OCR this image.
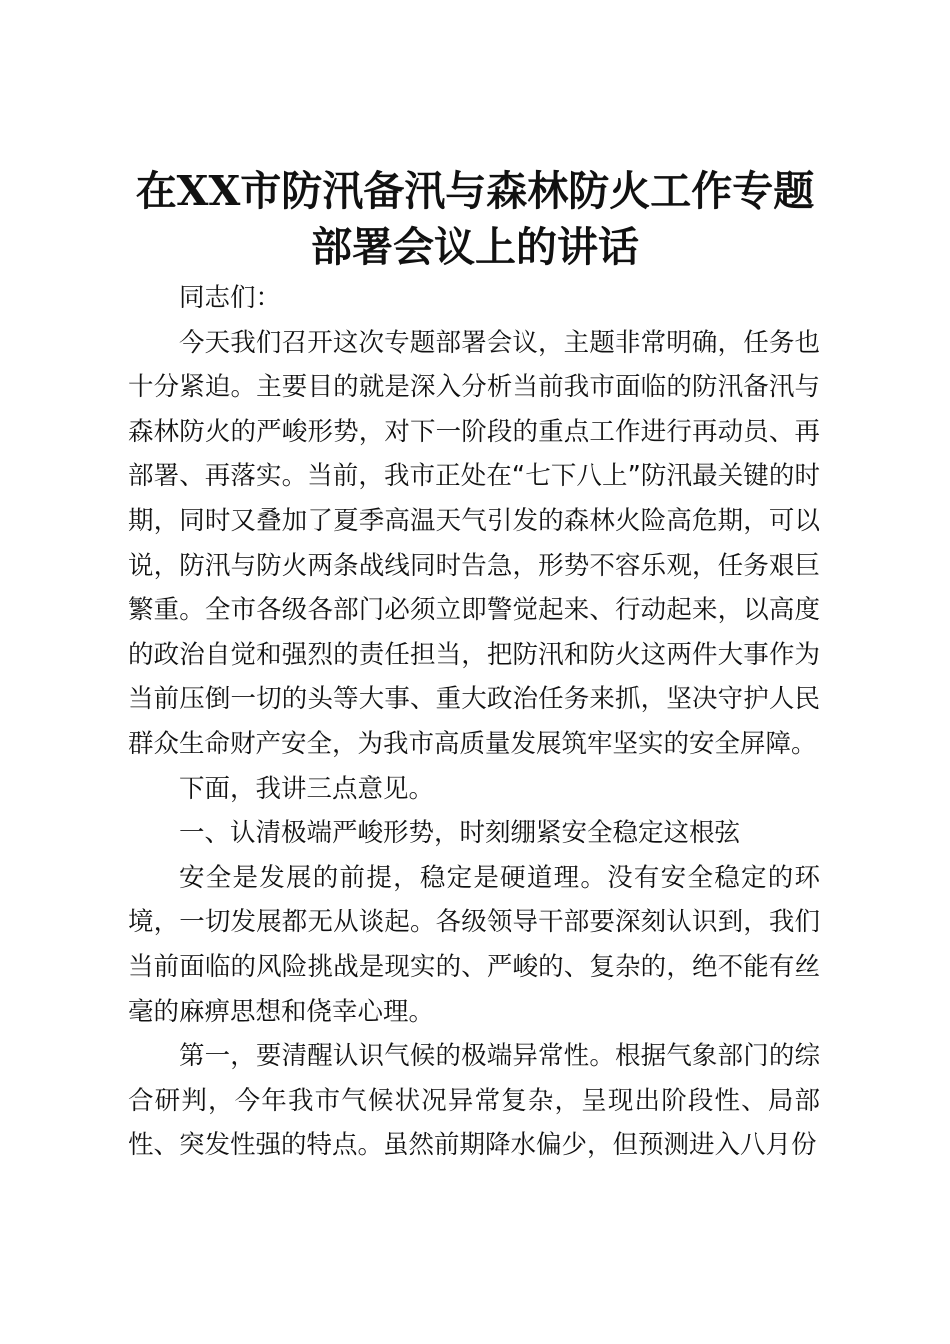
在XX市防汛备汛与森林防火工作专题
部署会议上的讲话

同志们：

今天我们召开这次专题部署会议，主题非常明确，任务也十分紧迫。主要目的就是深入分析当前我市面临的防汛备汛与森林防火的严峻形势，对下一阶段的重点工作进行再动员、再部署、再落实。当前，我市正处在“七下八上”防汛最关键的时期，同时又叠加了夏季高温天气引发的森林火险高危期，可以说，防汛与防火两条战线同时告急，形势不容乐观，任务艰巨繁重。全市各级各部门必须立即警觉起来、行动起来，以高度的政治自觉和强烈的责任担当，把防汛和防火这两件大事作为当前压倒一切的头等大事、重大政治任务来抓，坚决守护人民群众生命财产安全，为我市高质量发展筑牢坚实的安全屏障。

下面，我讲三点意见。

一、认清极端严峻形势，时刻绷紧安全稳定这根弦

安全是发展的前提，稳定是硬道理。没有安全稳定的环境，一切发展都无从谈起。各级领导干部要深刻认识到，我们当前面临的风险挑战是现实的、严峻的、复杂的，绝不能有丝毫的麻痹思想和侥幸心理。

第一，要清醒认识气候的极端异常性。根据气象部门的综合研判，今年我市气候状况异常复杂，呈现出阶段性、局部性、突发性强的特点。虽然前期降水偏少，但预测进入八月份
